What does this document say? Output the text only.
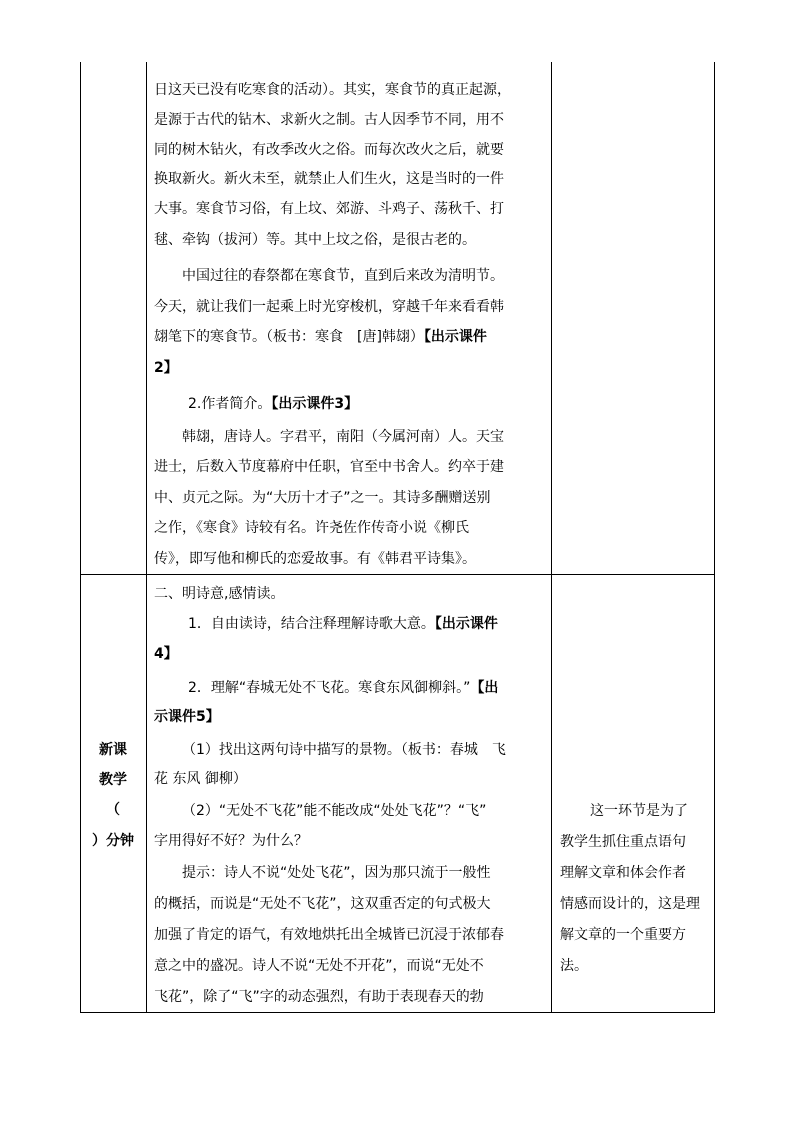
日这天已没有吃寒食的活动）。其实，寒食节的真正起源，
是源于古代的钻木、求新火之制。古人因季节不同，用不
同的树木钻火，有改季改火之俗。而每次改火之后，就要
换取新火。新火未至，就禁止人们生火，这是当时的一件
大事。寒食节习俗，有上坟、郊游、斗鸡子、荡秋千、打
毬、牵钩（拔河）等。其中上坟之俗，是很古老的。
中国过往的春祭都在寒食节，直到后来改为清明节。
今天，就让我们一起乘上时光穿梭机，穿越千年来看看韩
翃笔下的寒食节。（板书：寒食　[唐]韩翃）【出示课件
2】
2.作者简介。【出示课件3】
韩翃，唐诗人。字君平，南阳（今属河南）人。天宝
进士，后数入节度幕府中任职，官至中书舍人。约卒于建
中、贞元之际。为“大历十才子”之一。其诗多酬赠送别
之作，《寒食》诗较有名。许尧佐作传奇小说《柳氏
传》，即写他和柳氏的恋爱故事。有《韩君平诗集》。
新课
教学
（
）分钟
二、明诗意,感情读。
1．自由读诗，结合注释理解诗歌大意。【出示课件
4】
2．理解“春城无处不飞花。寒食东风御柳斜。”【出
示课件5】
（1）找出这两句诗中描写的景物。（板书：春城　飞
花 东风 御柳）
（2）“无处不飞花”能不能改成“处处飞花”？“飞”
字用得好不好？为什么？
提示：诗人不说“处处飞花”，因为那只流于一般性
的概括，而说是“无处不飞花”，这双重否定的句式极大
加强了肯定的语气，有效地烘托出全城皆已沉浸于浓郁春
意之中的盛况。诗人不说“无处不开花”，而说“无处不
飞花”，除了“飞”字的动态强烈，有助于表现春天的勃
这一环节是为了
教学生抓住重点语句
理解文章和体会作者
情感而设计的，这是理
解文章的一个重要方
法。
